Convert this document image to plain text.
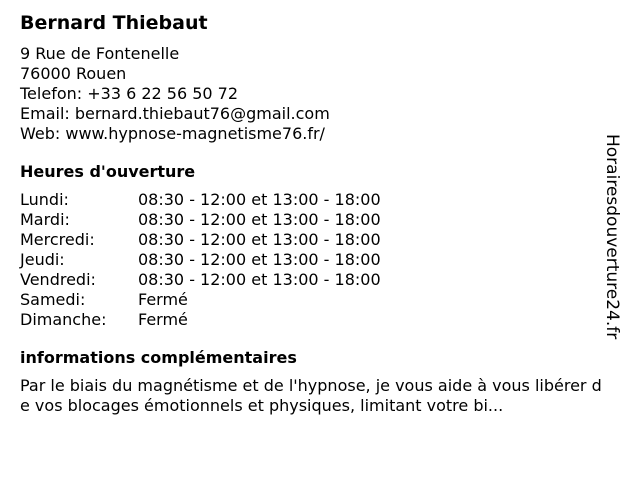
Bernard Thiebaut
9 Rue de Fontenelle
76000 Rouen
Telefon: +33 6 22 56 50 72
Email: bernard.thiebaut76@gmail.com
Web: www.hypnose-magnetisme76.fr/
Heures d'ouverture
Lundi:	08:30 - 12:00 et 13:00 - 18:00
Mardi:	08:30 - 12:00 et 13:00 - 18:00
Mercredi:	08:30 - 12:00 et 13:00 - 18:00
Jeudi:	08:30 - 12:00 et 13:00 - 18:00
Vendredi:	08:30 - 12:00 et 13:00 - 18:00
Samedi:	Fermé
Dimanche:	Fermé
informations complémentaires
Par le biais du magnétisme et de l'hypnose, je vous aide à vous libérer de vos blocages émotionnels et physiques, limitant votre bi...
Horairesdouverture24.fr
